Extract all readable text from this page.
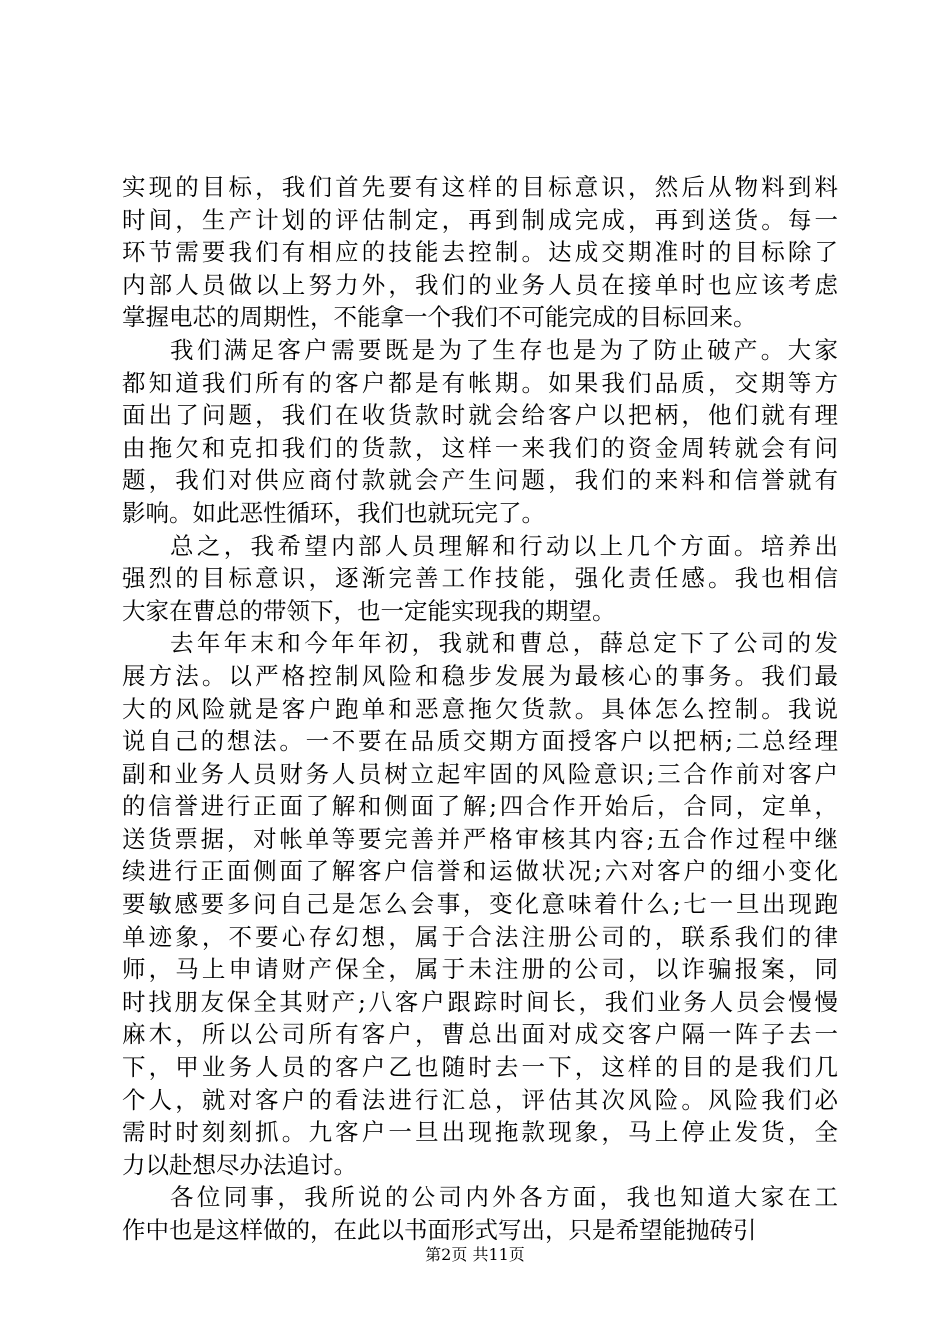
实现的目标，我们首先要有这样的目标意识，然后从物料到料
时间，生产计划的评估制定，再到制成完成，再到送货。每一
环节需要我们有相应的技能去控制。达成交期准时的目标除了
内部人员做以上努力外，我们的业务人员在接单时也应该考虑
掌握电芯的周期性，不能拿一个我们不可能完成的目标回来。
我们满足客户需要既是为了生存也是为了防止破产。大家
都知道我们所有的客户都是有帐期。如果我们品质，交期等方
面出了问题，我们在收货款时就会给客户以把柄，他们就有理
由拖欠和克扣我们的货款，这样一来我们的资金周转就会有问
题，我们对供应商付款就会产生问题，我们的来料和信誉就有
影响。如此恶性循环，我们也就玩完了。
总之，我希望内部人员理解和行动以上几个方面。培养出
强烈的目标意识，逐渐完善工作技能，强化责任感。我也相信
大家在曹总的带领下，也一定能实现我的期望。
去年年末和今年年初，我就和曹总，薛总定下了公司的发
展方法。以严格控制风险和稳步发展为最核心的事务。我们最
大的风险就是客户跑单和恶意拖欠货款。具体怎么控制。我说
说自己的想法。一不要在品质交期方面授客户以把柄;二总经理
副和业务人员财务人员树立起牢固的风险意识;三合作前对客户
的信誉进行正面了解和侧面了解;四合作开始后，合同，定单，
送货票据，对帐单等要完善并严格审核其内容;五合作过程中继
续进行正面侧面了解客户信誉和运做状况;六对客户的细小变化
要敏感要多问自己是怎么会事，变化意味着什么;七一旦出现跑
单迹象，不要心存幻想，属于合法注册公司的，联系我们的律
师，马上申请财产保全，属于未注册的公司，以诈骗报案，同
时找朋友保全其财产;八客户跟踪时间长，我们业务人员会慢慢
麻木，所以公司所有客户，曹总出面对成交客户隔一阵子去一
下，甲业务人员的客户乙也随时去一下，这样的目的是我们几
个人，就对客户的看法进行汇总，评估其次风险。风险我们必
需时时刻刻抓。九客户一旦出现拖款现象，马上停止发货，全
力以赴想尽办法追讨。
各位同事，我所说的公司内外各方面，我也知道大家在工
作中也是这样做的，在此以书面形式写出，只是希望能抛砖引
第2页 共11页
